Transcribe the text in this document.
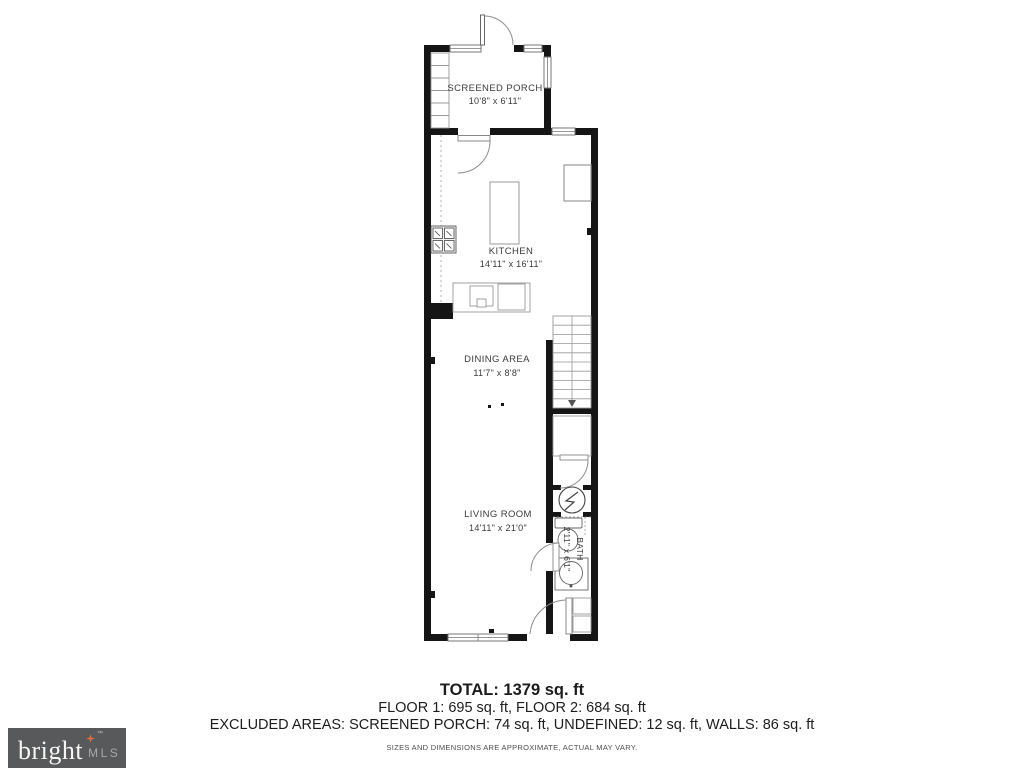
SCREENED PORCH
10'8" x 6'11"
KITCHEN
14'11" x 16'11"
DINING AREA
11'7" x 8'8"
LIVING ROOM
14'11" x 21'0"
BATH
2'11" x 6'1"
TOTAL: 1379 sq. ft
FLOOR 1: 695 sq. ft, FLOOR 2: 684 sq. ft
EXCLUDED AREAS: SCREENED PORCH: 74 sq. ft, UNDEFINED: 12 sq. ft, WALLS: 86 sq. ft
SIZES AND DIMENSIONS ARE APPROXIMATE, ACTUAL MAY VARY.
bright
™
MLS
